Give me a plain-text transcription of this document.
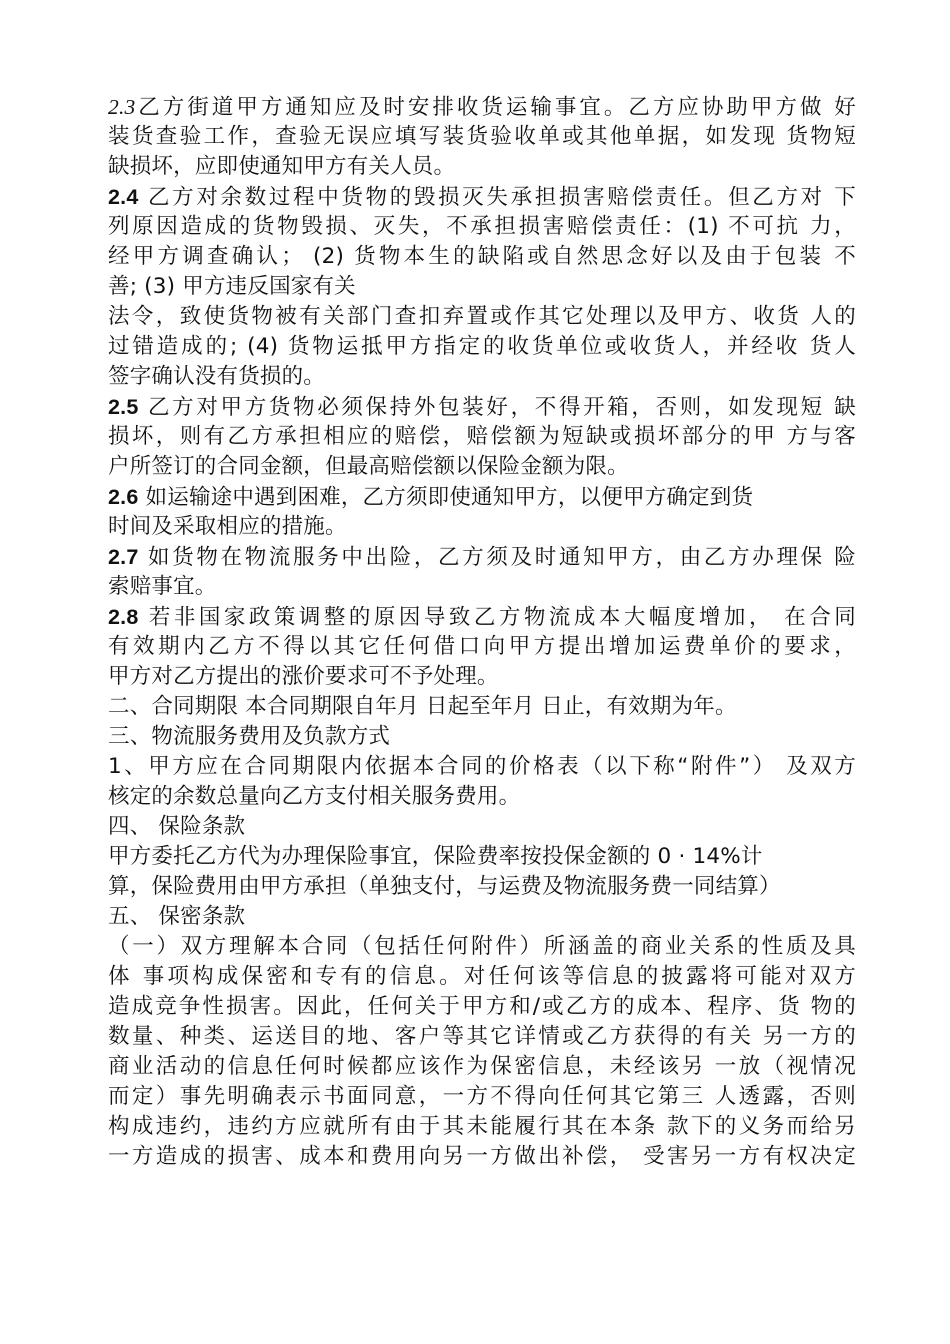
2.3乙方街道甲方通知应及时安排收货运输事宜。乙方应协助甲方做 好
装货查验工作，查验无误应填写装货验收单或其他单据，如发现 货物短
缺损坏，应即使通知甲方有关人员。
2.4 乙方对余数过程中货物的毁损灭失承担损害赔偿责任。但乙方对 下
列原因造成的货物毁损、灭失，不承担损害赔偿责任：(1) 不可抗 力，
经甲方调查确认； (2) 货物本生的缺陷或自然思念好以及由于包装 不
善; (3) 甲方违反国家有关
法令，致使货物被有关部门查扣弃置或作其它处理以及甲方、收货 人的
过错造成的; (4) 货物运抵甲方指定的收货单位或收货人，并经收 货人
签字确认没有货损的。
2.5 乙方对甲方货物必须保持外包装好，不得开箱，否则，如发现短 缺
损坏，则有乙方承担相应的赔偿，赔偿额为短缺或损坏部分的甲 方与客
户所签订的合同金额，但最高赔偿额以保险金额为限。
2.6 如运输途中遇到困难，乙方须即使通知甲方，以便甲方确定到货
时间及采取相应的措施。
2.7 如货物在物流服务中出险，乙方须及时通知甲方，由乙方办理保 险
索赔事宜。
2.8 若非国家政策调整的原因导致乙方物流成本大幅度增加， 在合同
有效期内乙方不得以其它任何借口向甲方提出增加运费单价的要求，
甲方对乙方提出的涨价要求可不予处理。
二、合同期限 本合同期限自年月 日起至年月 日止，有效期为年。
三、物流服务费用及负款方式
1、甲方应在合同期限内依据本合同的价格表（以下称“附件”） 及双方
核定的余数总量向乙方支付相关服务费用。
四、 保险条款
甲方委托乙方代为办理保险事宜，保险费率按投保金额的 0 · 14%计
算，保险费用由甲方承担（单独支付，与运费及物流服务费一同结算）
五、 保密条款
（一）双方理解本合同（包括任何附件）所涵盖的商业关系的性质及具
体 事项构成保密和专有的信息。对任何该等信息的披露将可能对双方
造成竞争性损害。因此，任何关于甲方和/或乙方的成本、程序、货 物的
数量、种类、运送目的地、客户等其它详情或乙方获得的有关 另一方的
商业活动的信息任何时候都应该作为保密信息，未经该另 一放（视情况
而定）事先明确表示书面同意，一方不得向任何其它第三 人透露，否则
构成违约，违约方应就所有由于其未能履行其在本条 款下的义务而给另
一方造成的损害、成本和费用向另一方做出补偿， 受害另一方有权决定
